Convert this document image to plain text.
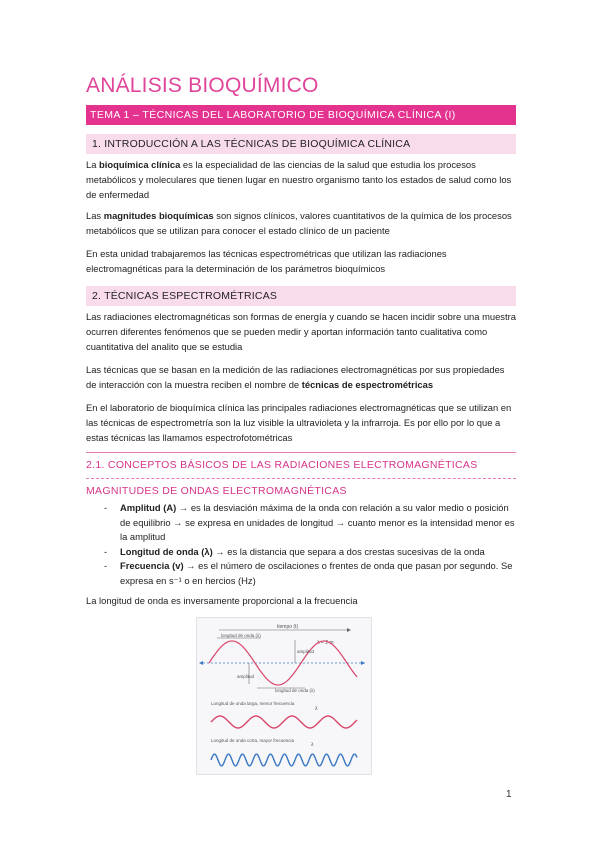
ANÁLISIS BIOQUÍMICO
TEMA 1 – TÉCNICAS DEL LABORATORIO DE BIOQUÍMICA CLÍNICA (I)
1. INTRODUCCIÓN A LAS TÉCNICAS DE BIOQUÍMICA CLÍNICA
La bioquímica clínica es la especialidad de las ciencias de la salud que estudia los procesos metabólicos y moleculares que tienen lugar en nuestro organismo tanto los estados de salud como los de enfermedad
Las magnitudes bioquímicas son signos clínicos, valores cuantitativos de la química de los procesos metabólicos que se utilizan para conocer el estado clínico de un paciente
En esta unidad trabajaremos las técnicas espectrométricas que utilizan las radiaciones electromagnéticas para la determinación de los parámetros bioquímicos
2. TÉCNICAS ESPECTROMÉTRICAS
Las radiaciones electromagnéticas son formas de energía y cuando se hacen incidir sobre una muestra ocurren diferentes fenómenos que se pueden medir y aportan información tanto cualitativa como cuantitativa del analito que se estudia
Las técnicas que se basan en la medición de las radiaciones electromagnéticas por sus propiedades de interacción con la muestra reciben el nombre de técnicas de espectrométricas
En el laboratorio de bioquímica clínica las principales radiaciones electromagnéticas que se utilizan en las técnicas de espectrometría son la luz visible la ultravioleta y la infrarroja. Es por ello por lo que a estas técnicas las llamamos espectrofotométricas
2.1. CONCEPTOS BÁSICOS DE LAS RADIACIONES ELECTROMAGNÉTICAS
MAGNITUDES DE ONDAS ELECTROMAGNÉTICAS
- Amplitud (A) → es la desviación máxima de la onda con relación a su valor medio o posición de equilibrio → se expresa en unidades de longitud → cuanto menor es la intensidad menor es la amplitud
- Longitud de onda (λ) → es la distancia que separa a dos crestas sucesivas de la onda
- Frecuencia (v) → es el número de oscilaciones o frentes de onda que pasan por segundo. Se expresa en s⁻¹ o en hercios (Hz)
La longitud de onda es inversamente proporcional a la frecuencia
tiempo (t)
longitud de onda (λ)
λ = 2 m
amplitud
amplitud
longitud de onda (λ)
Longitud de onda larga, menor frecuencia
λ
Longitud de onda corta, mayor frecuencia
λ
1
